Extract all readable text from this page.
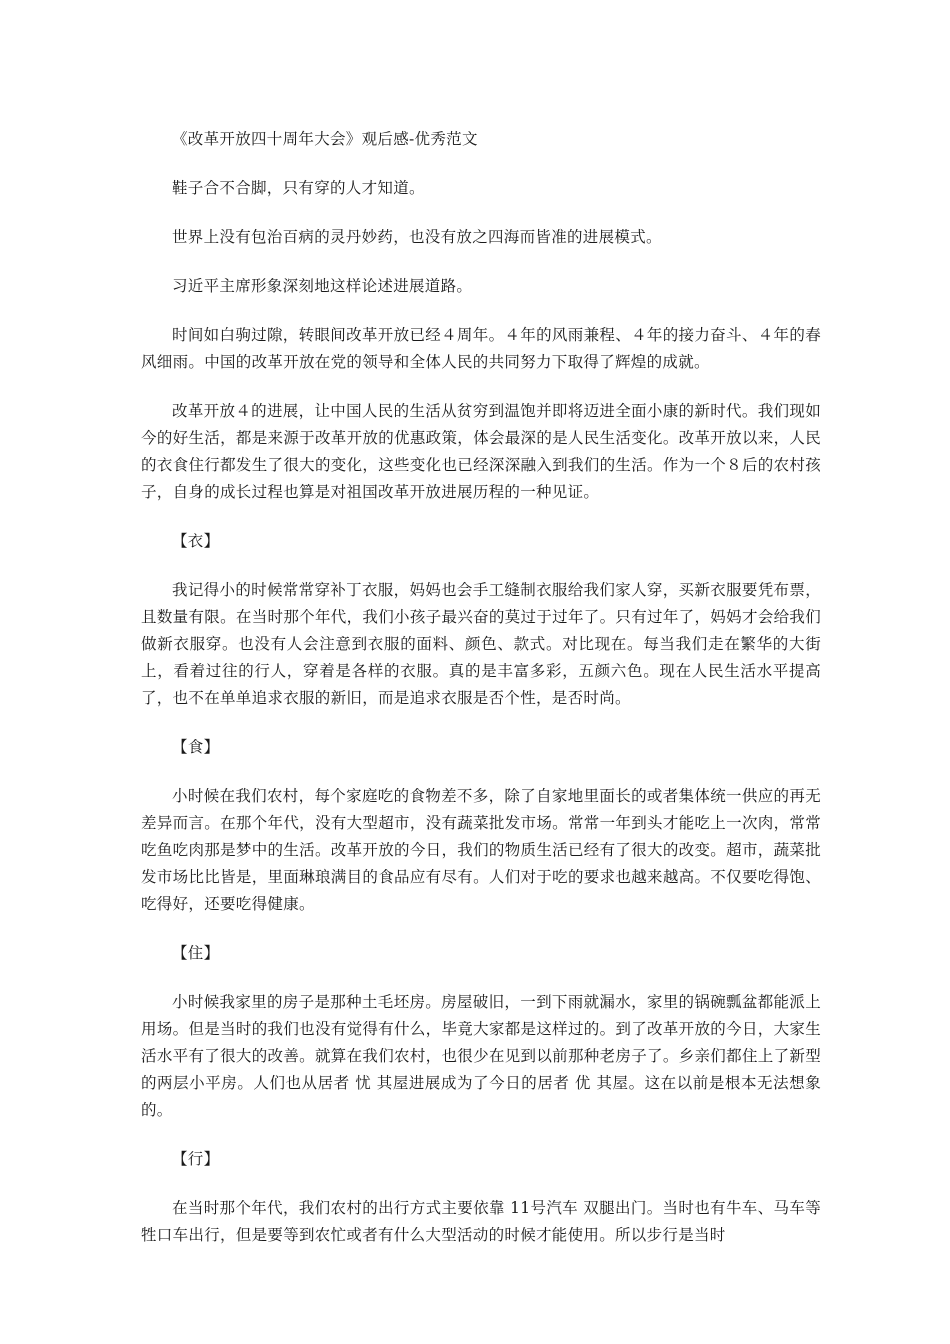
《改革开放四十周年大会》观后感-优秀范文

鞋子合不合脚，只有穿的人才知道。

世界上没有包治百病的灵丹妙药，也没有放之四海而皆准的进展模式。

习近平主席形象深刻地这样论述进展道路。

时间如白驹过隙，转眼间改革开放已经４周年。４年的风雨兼程、４年的接力奋斗、４年的春风细雨。中国的改革开放在党的领导和全体人民的共同努力下取得了辉煌的成就。

改革开放４的进展，让中国人民的生活从贫穷到温饱并即将迈进全面小康的新时代。我们现如今的好生活，都是来源于改革开放的优惠政策，体会最深的是人民生活变化。改革开放以来，人民的衣食住行都发生了很大的变化，这些变化也已经深深融入到我们的生活。作为一个８后的农村孩子，自身的成长过程也算是对祖国改革开放进展历程的一种见证。

【衣】

我记得小的时候常常穿补丁衣服，妈妈也会手工缝制衣服给我们家人穿，买新衣服要凭布票，且数量有限。在当时那个年代，我们小孩子最兴奋的莫过于过年了。只有过年了，妈妈才会给我们做新衣服穿。也没有人会注意到衣服的面料、颜色、款式。对比现在。每当我们走在繁华的大街上，看着过往的行人，穿着是各样的衣服。真的是丰富多彩，五颜六色。现在人民生活水平提高了，也不在单单追求衣服的新旧，而是追求衣服是否个性，是否时尚。

【食】

小时候在我们农村，每个家庭吃的食物差不多，除了自家地里面长的或者集体统一供应的再无差异而言。在那个年代，没有大型超市，没有蔬菜批发市场。常常一年到头才能吃上一次肉，常常吃鱼吃肉那是梦中的生活。改革开放的今日，我们的物质生活已经有了很大的改变。超市，蔬菜批发市场比比皆是，里面琳琅满目的食品应有尽有。人们对于吃的要求也越来越高。不仅要吃得饱、吃得好，还要吃得健康。

【住】

小时候我家里的房子是那种土毛坯房。房屋破旧，一到下雨就漏水，家里的锅碗瓢盆都能派上用场。但是当时的我们也没有觉得有什么，毕竟大家都是这样过的。到了改革开放的今日，大家生活水平有了很大的改善。就算在我们农村，也很少在见到以前那种老房子了。乡亲们都住上了新型的两层小平房。人们也从居者 忧 其屋进展成为了今日的居者 优 其屋。这在以前是根本无法想象的。

【行】

在当时那个年代，我们农村的出行方式主要依靠 11号汽车 双腿出门。当时也有牛车、马车等牲口车出行，但是要等到农忙或者有什么大型活动的时候才能使用。所以步行是当时
